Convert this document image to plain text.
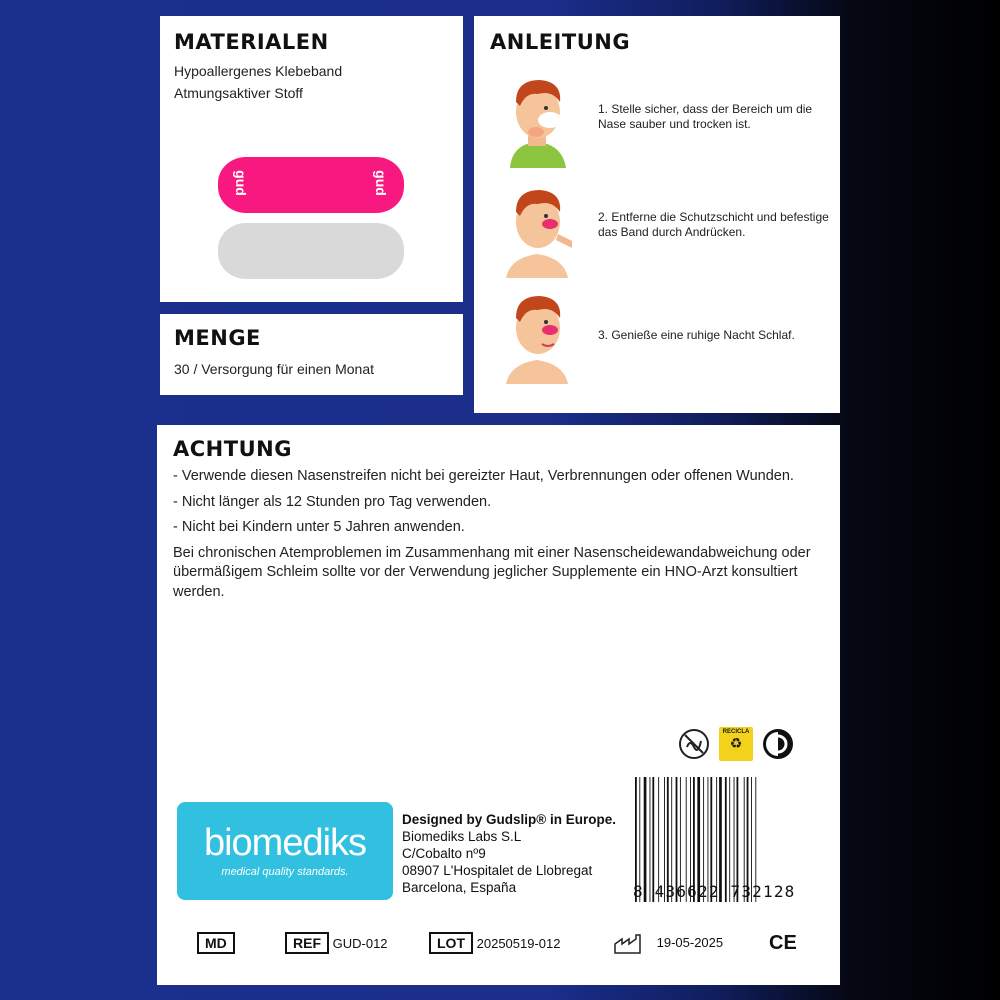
MATERIALEN
Hypoallergenes Klebeband
Atmungsaktiver Stoff
gud	gud
MENGE
30 / Versorgung für einen Monat
ANLEITUNG
1. Stelle sicher, dass der Bereich um die Nase sauber und trocken ist.
2. Entferne die Schutzschicht und befestige das Band durch Andrücken.
3. Genieße eine ruhige Nacht Schlaf.
ACHTUNG

- Verwende diesen Nasenstreifen nicht bei gereizter Haut, Verbrennungen oder offenen Wunden.

- Nicht länger als 12 Stunden pro Tag verwenden.

- Nicht bei Kindern unter 5 Jahren anwenden.

Bei chronischen Atemproblemen im Zusammenhang mit einer Nasenscheidewandabweichung oder übermäßigem Schleim sollte vor der Verwendung jeglicher Supplemente ein HNO-Arzt konsultiert werden.

RECICLA
♻
biomediks
medical quality standards.
Designed by Gudslip® in Europe.
Biomediks Labs S.L
C/Cobalto nº9
08907 L'Hospitalet de Llobregat
Barcelona, España	8 436622 732128
MD	REF GUD-012	LOT 20250519-012	19-05-2025 CE
